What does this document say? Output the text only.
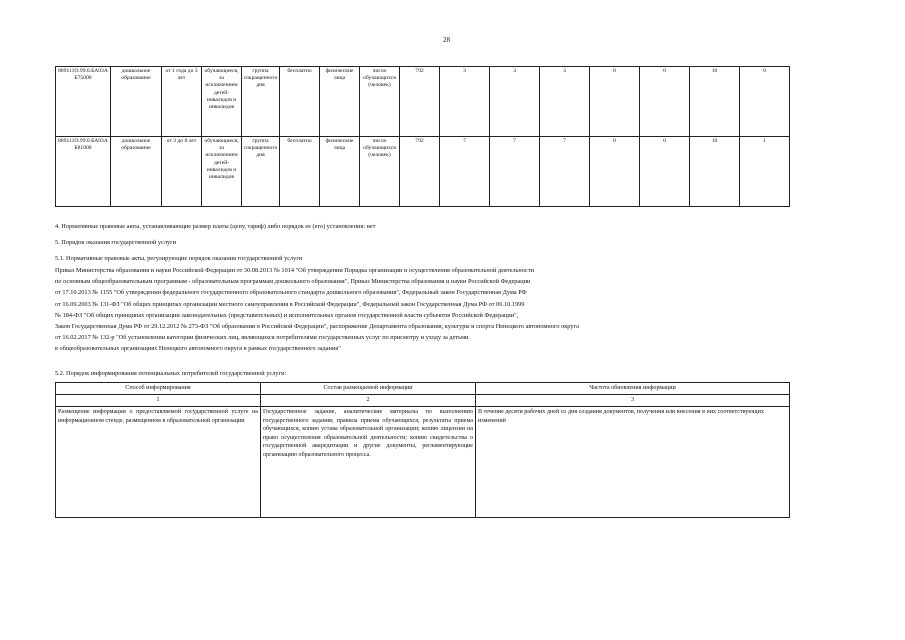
28
889111О.99.0.БА93АБ75000	дошкольное образование	от 1 года до 3 лет	обучающиеся, за исключением детей-инвалидов и инвалидов	группа сокращенного дня	бесплатно	физические лица	число обучающихся (человек)	792	3	3	3	0	0	10	0
889111О.99.0.БА93АБ81000	дошкольное образование	от 3 до 8 лет	обучающиеся, за исключением детей-инвалидов и инвалидов	группа сокращенного дня	бесплатно	физические лица	число обучающихся (человек)	792	7	7	7	0	0	10	1
4. Нормативные правовые акты, устанавливающие размер платы (цену, тариф) либо порядок ее (его) установления: нет
5. Порядок оказания государственной услуги
5.1. Нормативные правовые акты, регулирующие порядок оказания государственной услуги
Приказ Министерства образования и науки Российской Федерации от 30.08.2013 № 1014 "Об утверждении Порядка организации и осуществления образовательной деятельности
по основным общеобразовательным программам - образовательным программам дошкольного образования", Приказ Министерства образования и науки Российской Федерации
от 17.10.2013 № 1155 "Об утверждении федерального государственного образовательного стандарта дошкольного образования", Федеральный закон Государственная Дума РФ
от 16.09.2003 № 131-ФЗ "Об общих принципах организации местного самоуправления в Российской Федерации", Федеральный закон Государственная Дума РФ от 06.10.1999
№ 184-ФЗ "Об общих принципах организации законодательных (представительных) и исполнительных органов государственной власти субъектов Российской Федерации",
Закон Государственная Дума РФ от 29.12.2012 № 273-ФЗ "Об образовании в Российской Федерации", распоряжение Департамента образования, культуры и спорта Ненецкого автономного округа
от 16.02.2017 № 132-р "Об установлении категории физических лиц, являющихся потребителями государственных услуг по присмотру и уходу за детьми
в общеобразовательных организациях Ненецкого автономного округа в рамках государственного задания"
5.2. Порядок информирования потенциальных потребителей государственной услуги:
Способ информирования	Состав размещаемой информации	Частота обновления информации
1	2	3
Размещение информации о предоставляемой государственной услуге на информационном стенде, размещенном в образовательной организации	Государственное задание, аналитические материалы по выполнению государственного задания; правила приема обучающихся, результаты приема обучающихся, копию устава образовательной организации; копию лицензии на право осуществления образовательной деятельности; копию свидетельства о государственной аккредитации и другие документы, регламентирующие организацию образовательного процесса.	В течение десяти рабочих дней со дня создания документов, получения или внесения в них соответствующих изменений
